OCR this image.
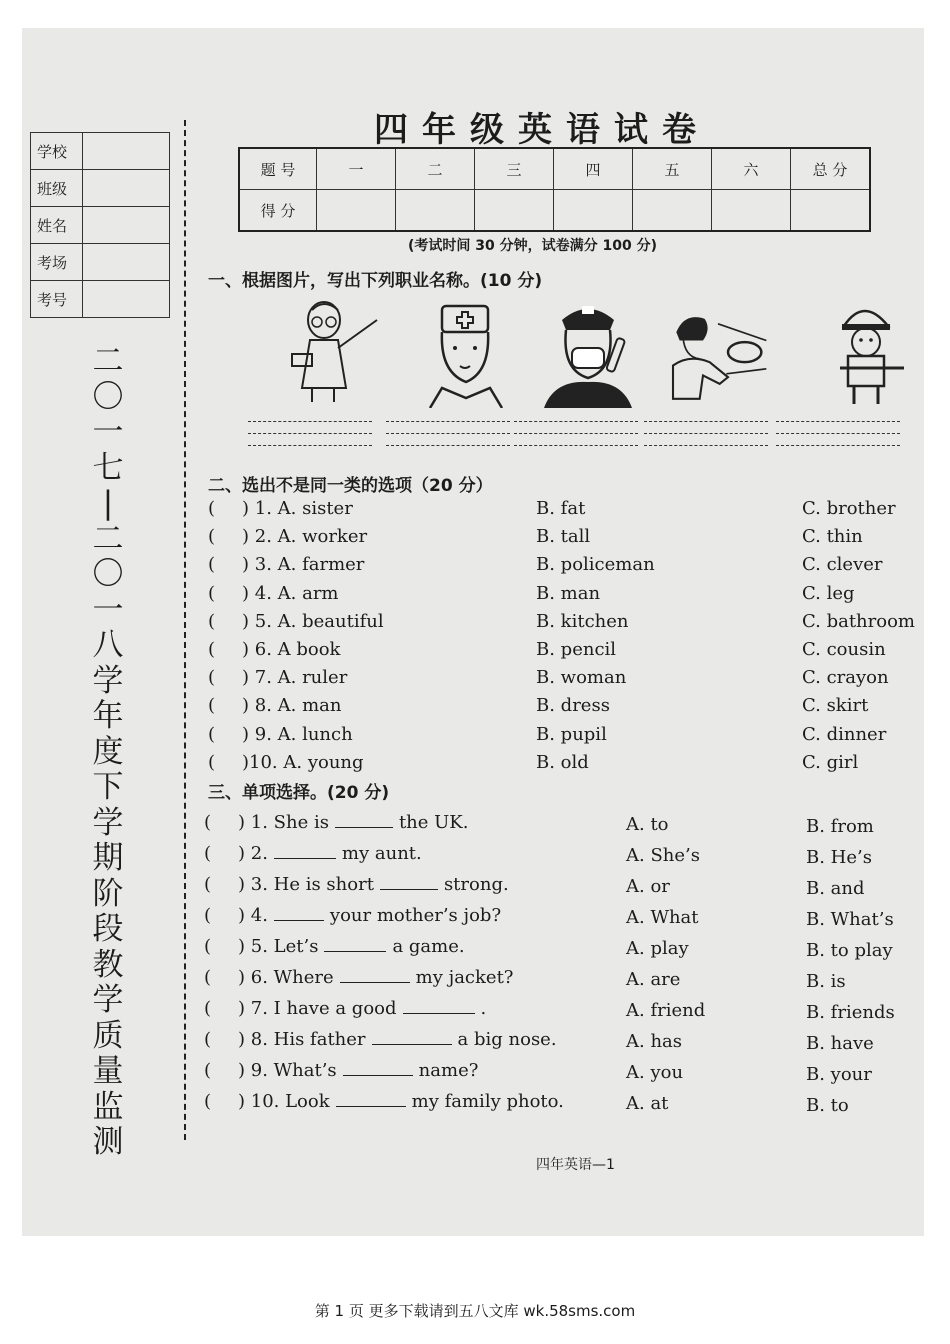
学校	
班级	
姓名	
考场	
考号	
二
〇
一
七
|
二
〇
一
八
学
年
度
下
学
期
阶
段
教
学
质
量
监
测
四年级英语试卷
题 号	一	二	三	四	五	六	总 分
得 分							
(考试时间 30 分钟，试卷满分 100 分)
一、根据图片，写出下列职业名称。(10 分)
二、选出不是同一类的选项（20 分）
( ) 1. A. sister	B. fat	C. brother
( ) 2. A. worker	B. tall	C. thin
( ) 3. A. farmer	B. policeman	C. clever
( ) 4. A. arm	B. man	C. leg
( ) 5. A. beautiful	B. kitchen	C. bathroom
( ) 6. A book	B. pencil	C. cousin
( ) 7. A. ruler	B. woman	C. crayon
( ) 8. A. man	B. dress	C. skirt
( ) 9. A. lunch	B. pupil	C. dinner
( )10. A. young	B. old	C. girl
三、单项选择。(20 分)
( ) 1. She is	the UK.	A. to	B. from
( ) 2.	my aunt.	A. She’s	B. He’s
( ) 3. He is short	strong.	A. or	B. and
( ) 4.	your mother’s job?	A. What	B. What’s
( ) 5. Let’s	a game.	A. play	B. to play
( ) 6. Where	my jacket?	A. are	B. is
( ) 7. I have a good	.	A. friend	B. friends
( ) 8. His father	a big nose.	A. has	B. have
( ) 9. What’s	name?	A. you	B. your
( ) 10. Look	my family photo.	A. at	B. to
四年英语—1
第 1 页 更多下载请到五八文库 wk.58sms.com
